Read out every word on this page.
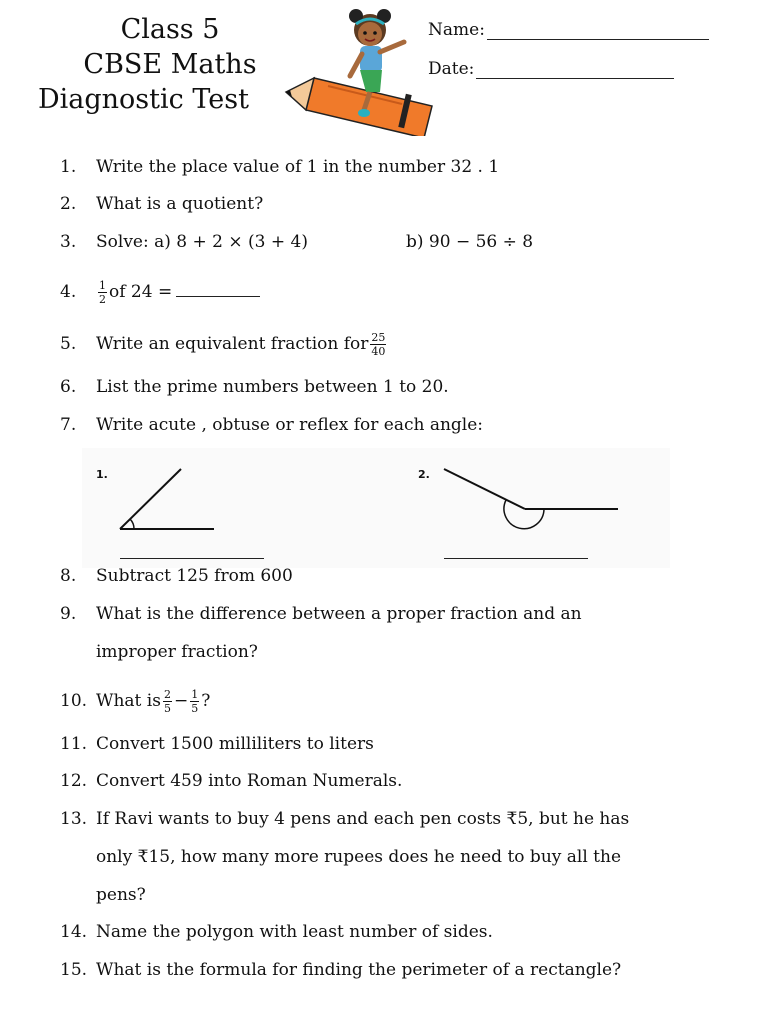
Class 5
CBSE Maths
Diagnostic Test
Name:
Date:
1. Write the place value of 1 in the number 32 . 1
2. What is a quotient?
3. Solve: a) 8 + 2 × (3 + 4)	b) 90 − 56 ÷ 8
4. $\frac{1}{2}$ of 24 =
5. Write an equivalent fraction for $\frac{25}{40}$
6. List the prime numbers between 1 to 20.
7. Write acute , obtuse or reflex for each angle:
1.	2.
8. Subtract 125 from 600
9. What is the difference between a proper fraction and an
improper fraction?
10. What is $\frac{2}{5} - \frac{1}{5}$ ?
11. Convert 1500 milliliters to liters
12. Convert 459 into Roman Numerals.
13. If Ravi wants to buy 4 pens and each pen costs ₹5, but he has
only ₹15, how many more rupees does he need to buy all the
pens?
14. Name the polygon with least number of sides.
15. What is the formula for finding the perimeter of a rectangle?
